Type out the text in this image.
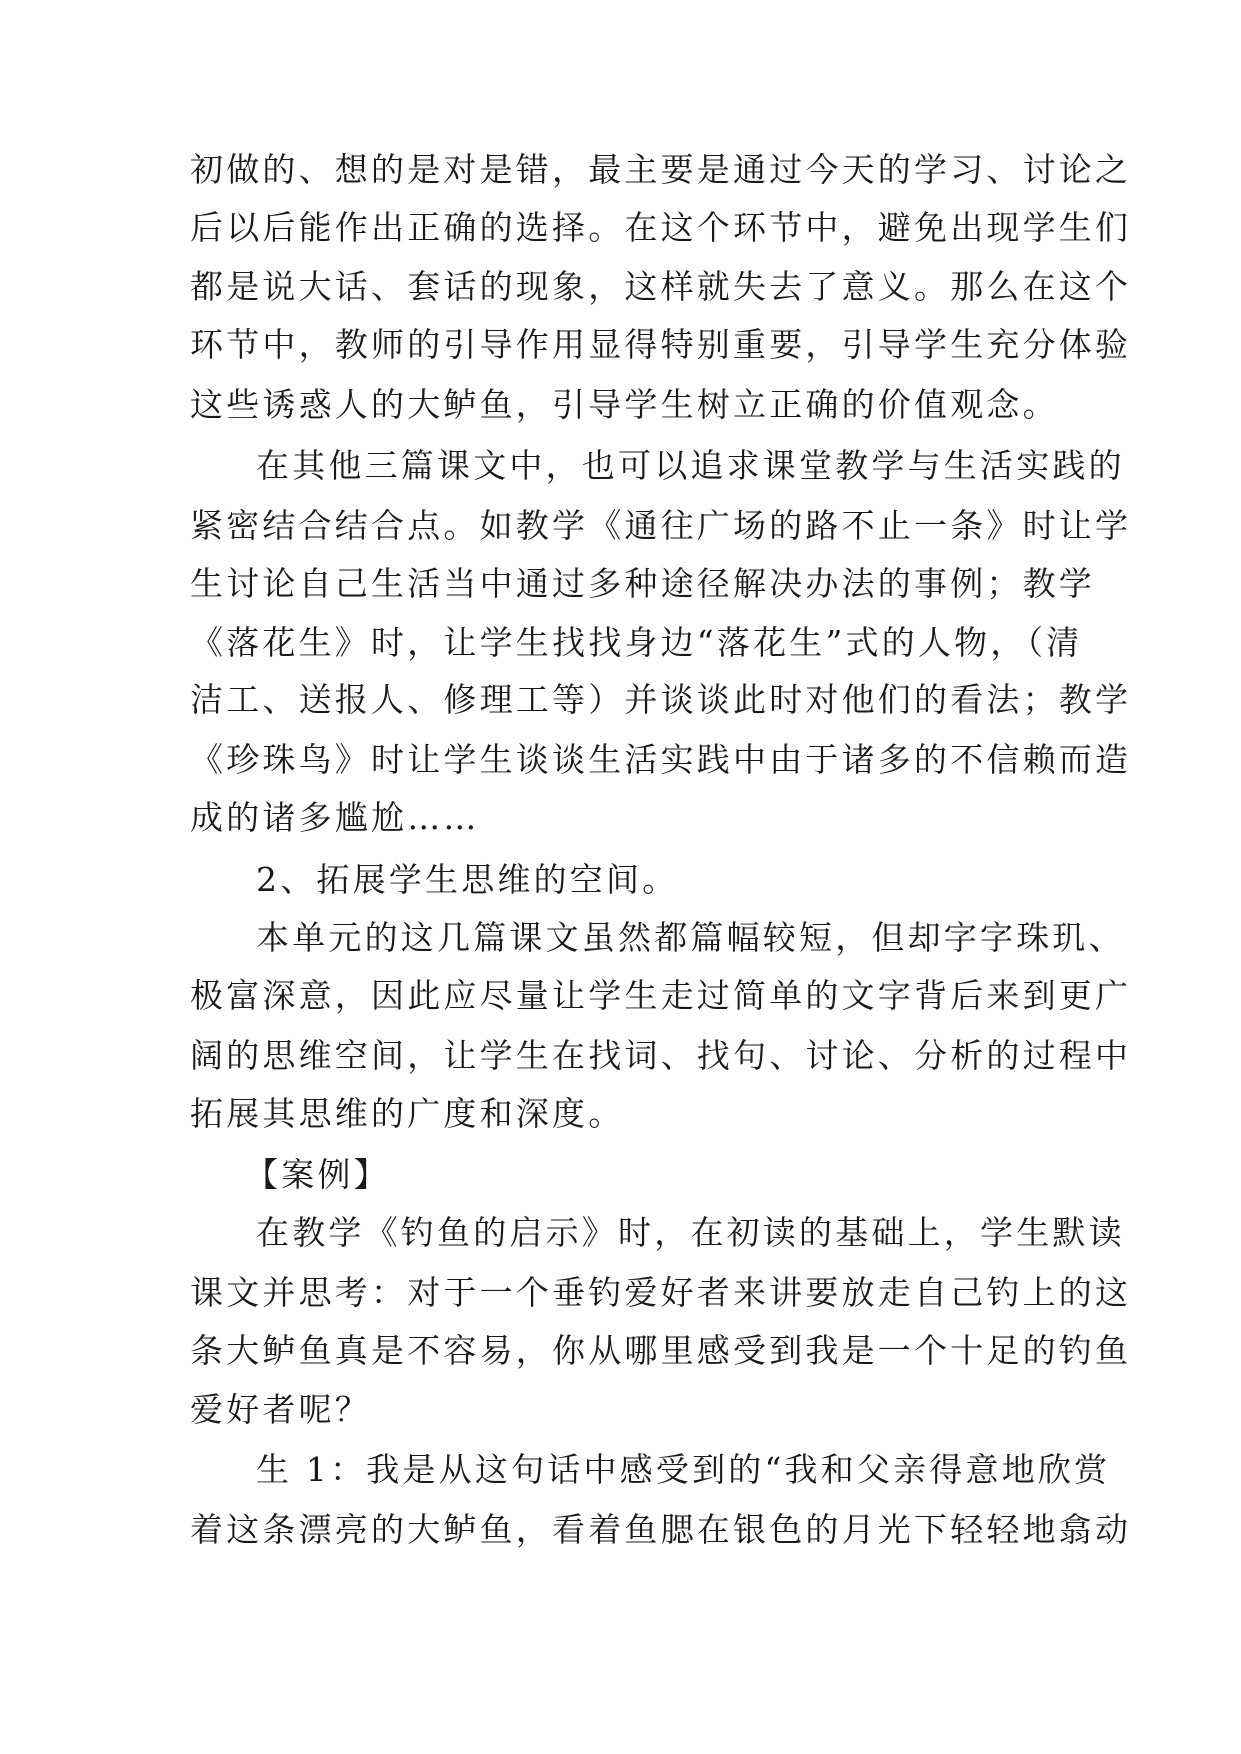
初做的、想的是对是错，最主要是通过今天的学习、讨论之

后以后能作出正确的选择。在这个环节中，避免出现学生们

都是说大话、套话的现象，这样就失去了意义。那么在这个

环节中，教师的引导作用显得特别重要，引导学生充分体验

这些诱惑人的大鲈鱼，引导学生树立正确的价值观念。

在其他三篇课文中，也可以追求课堂教学与生活实践的

紧密结合结合点。如教学《通往广场的路不止一条》时让学

生讨论自己生活当中通过多种途径解决办法的事例；教学

《落花生》时，让学生找找身边“落花生”式的人物，（清

洁工、送报人、修理工等）并谈谈此时对他们的看法；教学

《珍珠鸟》时让学生谈谈生活实践中由于诸多的不信赖而造

成的诸多尴尬……

2、拓展学生思维的空间。

本单元的这几篇课文虽然都篇幅较短，但却字字珠玑、

极富深意，因此应尽量让学生走过简单的文字背后来到更广

阔的思维空间，让学生在找词、找句、讨论、分析的过程中

拓展其思维的广度和深度。

【案例】

在教学《钓鱼的启示》时，在初读的基础上，学生默读

课文并思考：对于一个垂钓爱好者来讲要放走自己钓上的这

条大鲈鱼真是不容易，你从哪里感受到我是一个十足的钓鱼

爱好者呢？

生 1：我是从这句话中感受到的“我和父亲得意地欣赏

着这条漂亮的大鲈鱼，看着鱼腮在银色的月光下轻轻地翕动
